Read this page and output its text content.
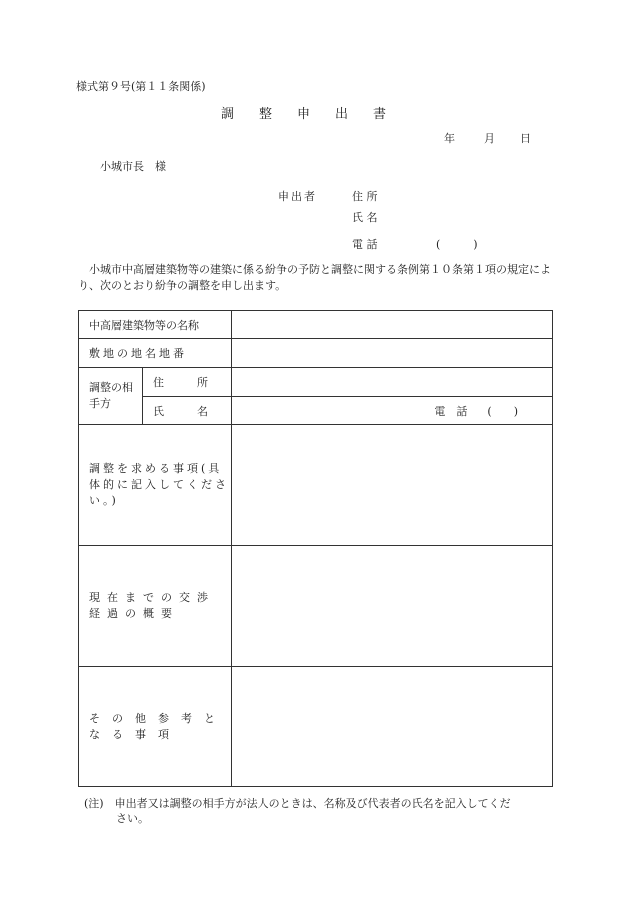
様式第９号(第１１条関係)
調整申出書
年	月 日
小城市長　様
申出者	住 所
氏 名
電 話	(　　　)
小城市中高層建築物等の建築に係る紛争の予防と調整に関する条例第１０条第１項の規定により、次のとおり紛争の調整を申し出ます。
中高層建築物等の名称		
敷地の地名地番		
調整の相手方	住　　　所	
	氏　　　名	電　話 (　　)
調整を求める事項(具体的に記入してください。)		
現在までの交渉経過の概要		
その他参考となる事項		
(注)　申出者又は調整の相手方が法人のときは、名称及び代表者の氏名を記入してくだ
さい。
